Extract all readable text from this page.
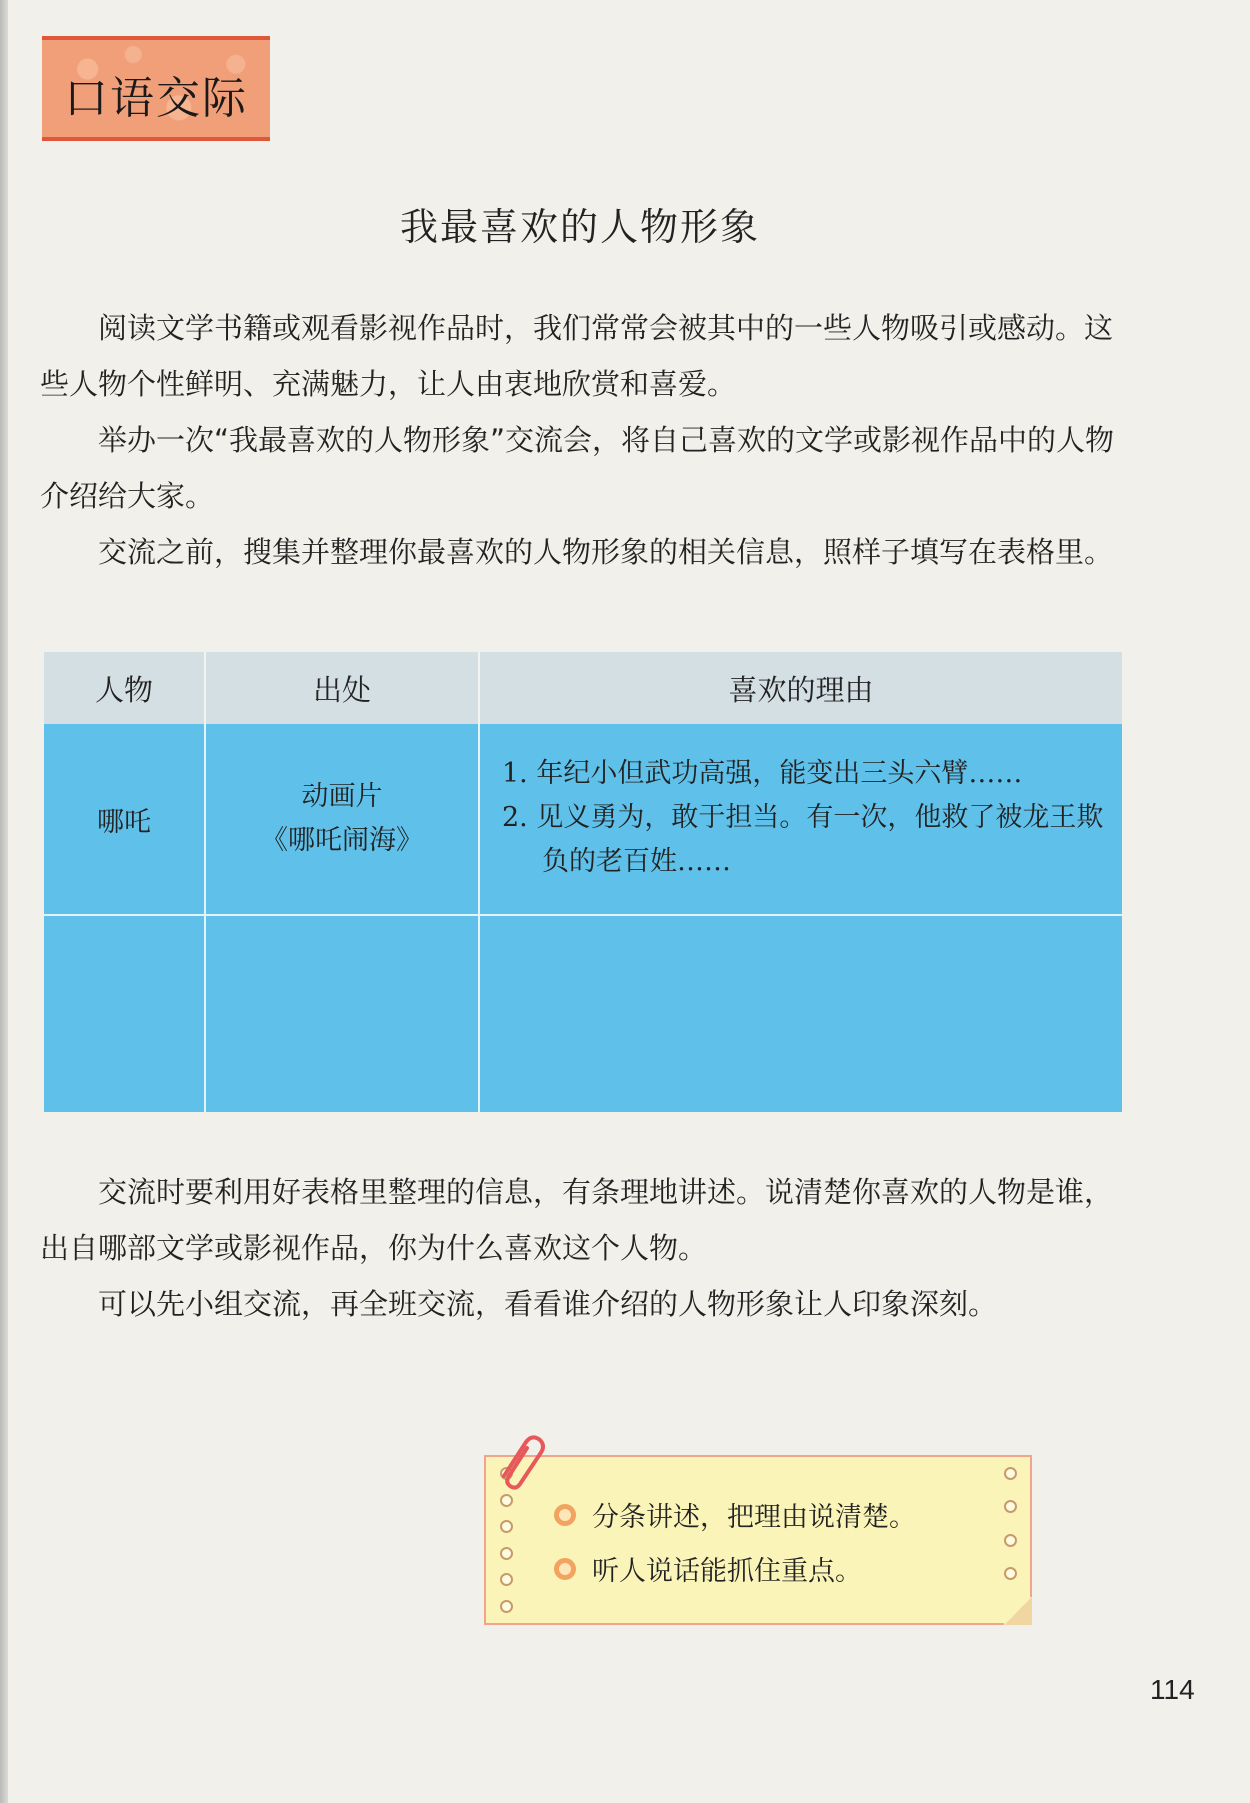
口语交际
我最喜欢的人物形象

阅读文学书籍或观看影视作品时，我们常常会被其中的一些人物吸引或感动。这些人物个性鲜明、充满魅力，让人由衷地欣赏和喜爱。

举办一次“我最喜欢的人物形象”交流会，将自己喜欢的文学或影视作品中的人物介绍给大家。

交流之前，搜集并整理你最喜欢的人物形象的相关信息，照样子填写在表格里。

人物	出处	喜欢的理由
哪吒
动画片
《哪吒闹海》
1. 年纪小但武功高强，能变出三头六臂……
2. 见义勇为，敢于担当。有一次，他救了被龙王欺负的老百姓……

交流时要利用好表格里整理的信息，有条理地讲述。说清楚你喜欢的人物是谁，出自哪部文学或影视作品，你为什么喜欢这个人物。

可以先小组交流，再全班交流，看看谁介绍的人物形象让人印象深刻。

分条讲述，把理由说清楚。
听人说话能抓住重点。
114
